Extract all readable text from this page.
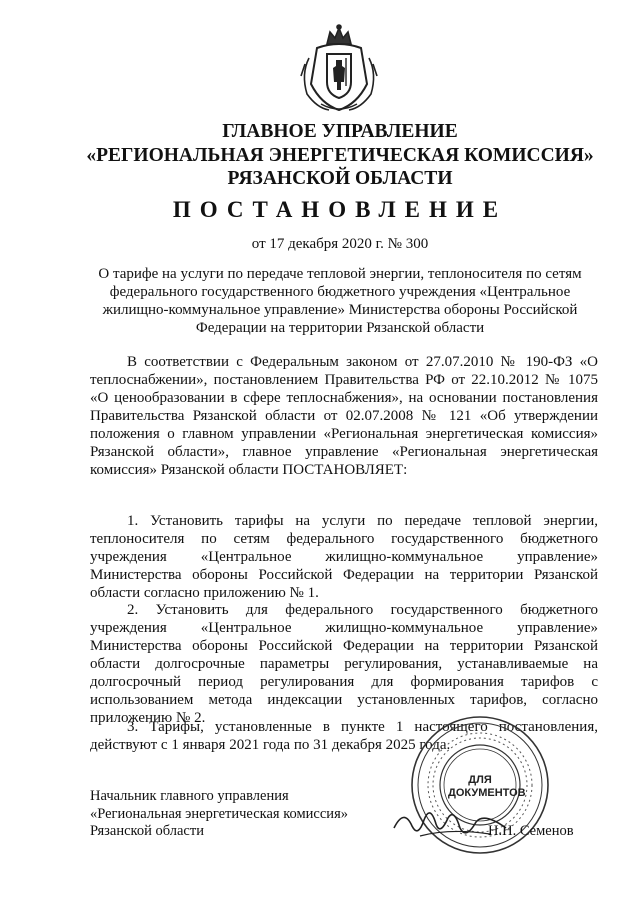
ГЛАВНОЕ УПРАВЛЕНИЕ

«РЕГИОНАЛЬНАЯ ЭНЕРГЕТИЧЕСКАЯ КОМИССИЯ»

РЯЗАНСКОЙ ОБЛАСТИ

ПОСТАНОВЛЕНИЕ

от 17 декабря 2020 г. № 300

О тарифе на услуги по передаче тепловой энергии, теплоносителя по сетям федерального государственного бюджетного учреждения «Центральное жилищно-коммунальное управление» Министерства обороны Российской Федерации на территории Рязанской области

В соответствии с Федеральным законом от 27.07.2010 № 190-ФЗ «О теплоснабжении», постановлением Правительства РФ от 22.10.2012 № 1075 «О ценообразовании в сфере теплоснабжения», на основании постановления Правительства Рязанской области от 02.07.2008 № 121 «Об утверждении положения о главном управлении «Региональная энергетическая комиссия» Рязанской области», главное управление «Региональная энергетическая комиссия» Рязанской области ПОСТАНОВЛЯЕТ:

1. Установить тарифы на услуги по передаче тепловой энергии, теплоносителя по сетям федерального государственного бюджетного учреждения «Центральное жилищно-коммунальное управление» Министерства обороны Российской Федерации на территории Рязанской области согласно приложению № 1.

2. Установить для федерального государственного бюджетного учреждения «Центральное жилищно-коммунальное управление» Министерства обороны Российской Федерации на территории Рязанской области долгосрочные параметры регулирования, устанавливаемые на долгосрочный период регулирования для формирования тарифов с использованием метода индексации установленных тарифов, согласно приложению № 2.

3. Тарифы, установленные в пункте 1 настоящего постановления, действуют с 1 января 2021 года по 31 декабря 2025 года.

Начальник главного управления
«Региональная энергетическая комиссия»
Рязанской области
ДЛЯ
ДОКУМЕНТОВ
Н.Н. Семенов
